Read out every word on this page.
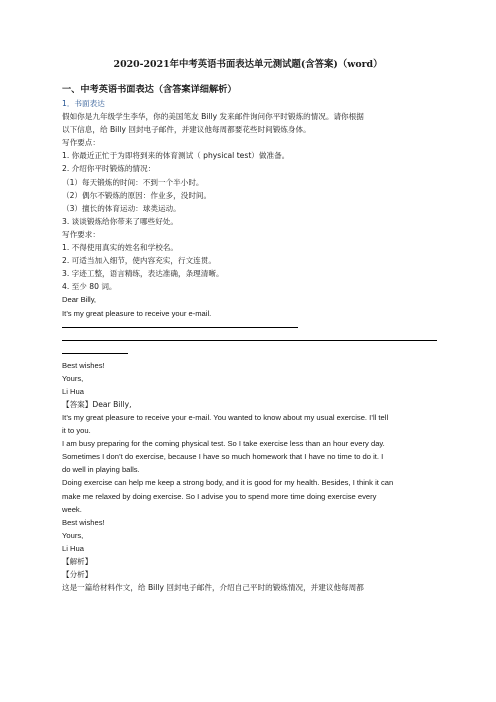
2020-2021年中考英语书面表达单元测试题(含答案)（word）
一、中考英语书面表达（含答案详细解析）
1．书面表达
假如你是九年级学生李华，你的美国笔友 Billy 发来邮件询问你平时锻炼的情况。请你根据
以下信息，给 Billy 回封电子邮件，并建议他每周都要花些时间锻炼身体。
写作要点：
1. 你最近正忙于为即将到来的体育测试（ physical test）做准备。
2. 介绍你平时锻炼的情况：
（1）每天锻炼的时间：不到一个半小时。
（2）偶尔不锻炼的原因：作业多，没时间。
（3）擅长的体育运动：球类运动。
3. 谈谈锻炼给你带来了哪些好处。
写作要求：
1. 不得使用真实的姓名和学校名。
2. 可适当加入细节，使内容充实，行文连贯。
3. 字迹工整，语言精练，表达准确，条理清晰。
4. 至少 80 词。
Dear Billy,
It’s my great pleasure to receive your e-mail.
Best wishes!
Yours,
Li Hua
【答案】Dear Billy,
It’s my great pleasure to receive your e-mail. You wanted to know about my usual exercise. I’ll tell
it to you.
I am busy preparing for the coming physical test. So I take exercise less than an hour every day.
Sometimes I don’t do exercise, because I have so much homework that I have no time to do it. I
do well in playing balls.
Doing exercise can help me keep a strong body, and it is good for my health. Besides, I think it can
make me relaxed by doing exercise. So I advise you to spend more time doing exercise every
week.
Best wishes!
Yours,
Li Hua
【解析】
【分析】
这是一篇给材料作文，给 Billy 回封电子邮件，介绍自己平时的锻炼情况，并建议他每周都
